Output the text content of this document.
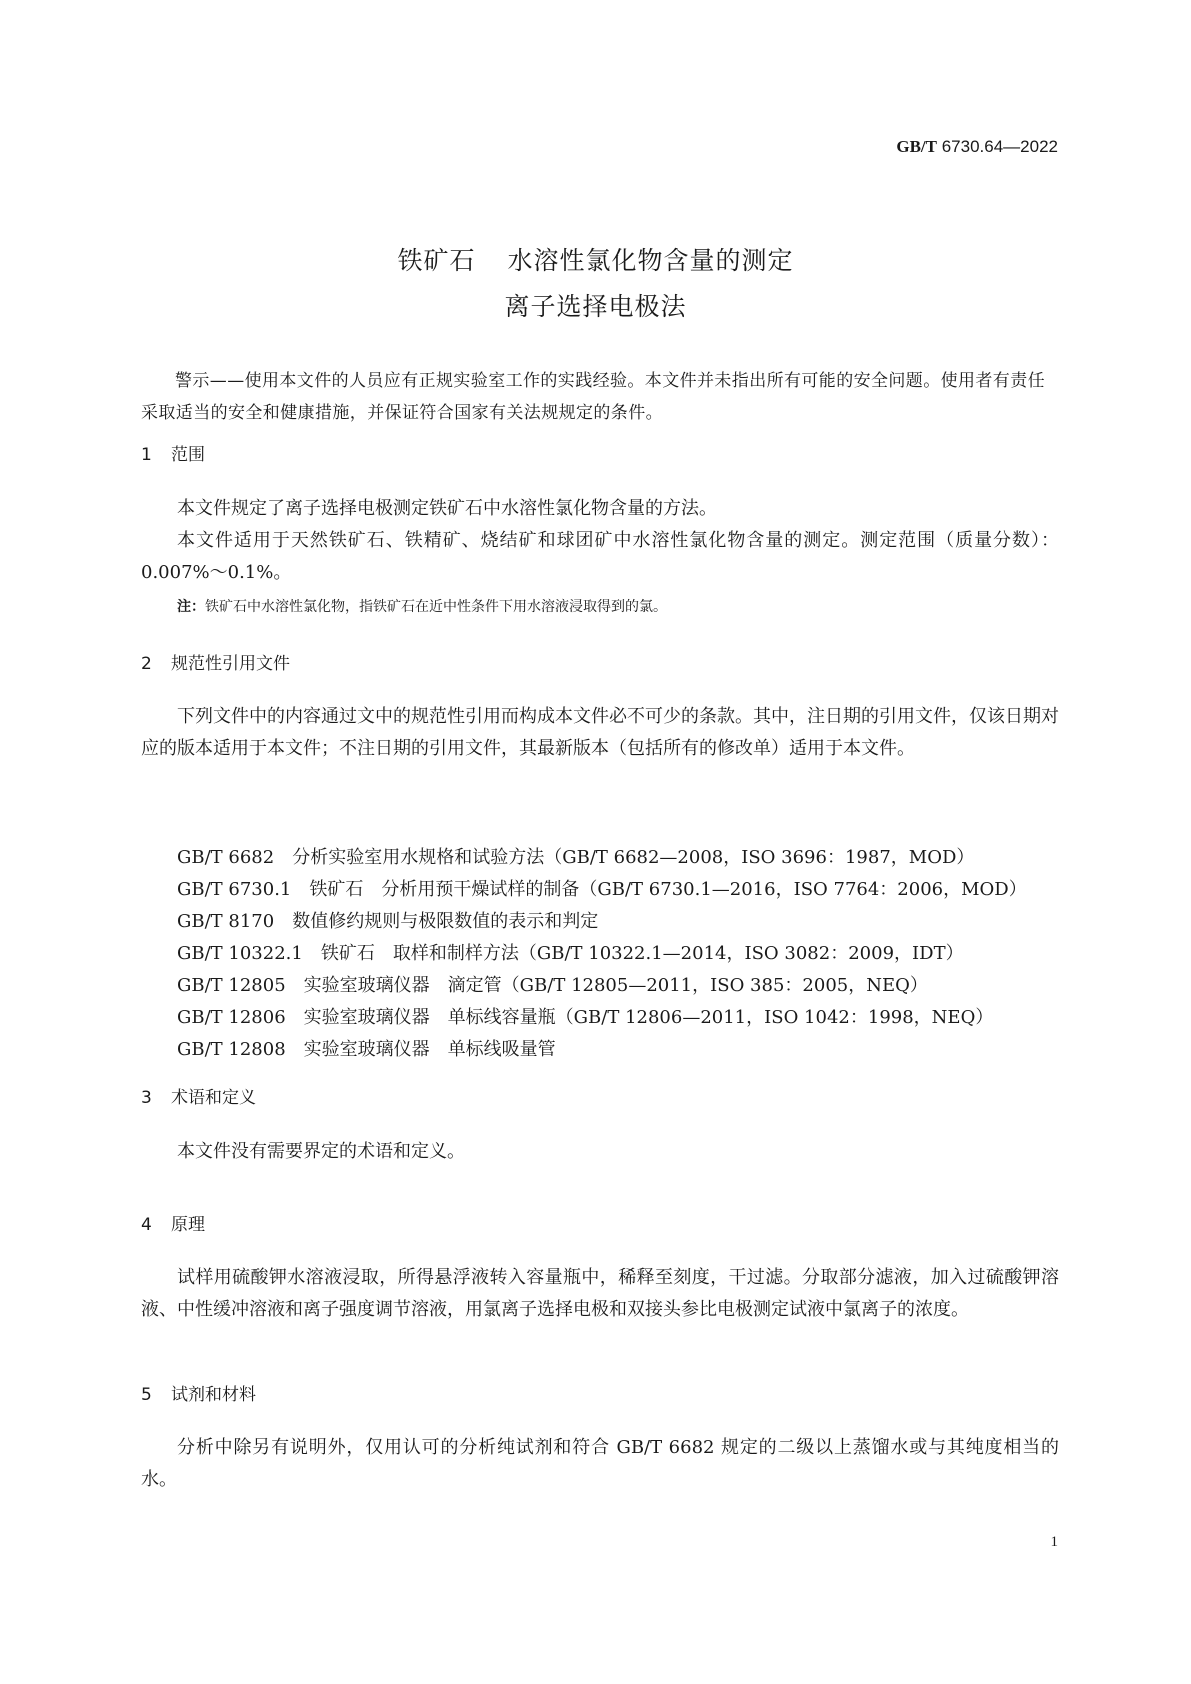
GB/T 6730.64—2022
铁矿石 水溶性氯化物含量的测定
离子选择电极法
警示——使用本文件的人员应有正规实验室工作的实践经验。本文件并未指出所有可能的安全问题。使用者有责任采取适当的安全和健康措施，并保证符合国家有关法规规定的条件。
1 范围
本文件规定了离子选择电极测定铁矿石中水溶性氯化物含量的方法。
本文件适用于天然铁矿石、铁精矿、烧结矿和球团矿中水溶性氯化物含量的测定。测定范围（质量分数）：0.007%～0.1%。
注：铁矿石中水溶性氯化物，指铁矿石在近中性条件下用水溶液浸取得到的氯。
2 规范性引用文件
下列文件中的内容通过文中的规范性引用而构成本文件必不可少的条款。其中，注日期的引用文件，仅该日期对应的版本适用于本文件；不注日期的引用文件，其最新版本（包括所有的修改单）适用于本文件。
GB/T 6682 分析实验室用水规格和试验方法（GB/T 6682—2008，ISO 3696：1987，MOD）
GB/T 6730.1 铁矿石　分析用预干燥试样的制备（GB/T 6730.1—2016，ISO 7764：2006，MOD）
GB/T 8170 数值修约规则与极限数值的表示和判定
GB/T 10322.1 铁矿石　取样和制样方法（GB/T 10322.1—2014，ISO 3082：2009，IDT）
GB/T 12805 实验室玻璃仪器　滴定管（GB/T 12805—2011，ISO 385：2005，NEQ）
GB/T 12806 实验室玻璃仪器　单标线容量瓶（GB/T 12806—2011，ISO 1042：1998，NEQ）
GB/T 12808 实验室玻璃仪器　单标线吸量管
3 术语和定义
本文件没有需要界定的术语和定义。
4 原理
试样用硫酸钾水溶液浸取，所得悬浮液转入容量瓶中，稀释至刻度，干过滤。分取部分滤液，加入过硫酸钾溶液、中性缓冲溶液和离子强度调节溶液，用氯离子选择电极和双接头参比电极测定试液中氯离子的浓度。
5 试剂和材料
分析中除另有说明外，仅用认可的分析纯试剂和符合 GB/T 6682 规定的二级以上蒸馏水或与其纯度相当的水。
1
